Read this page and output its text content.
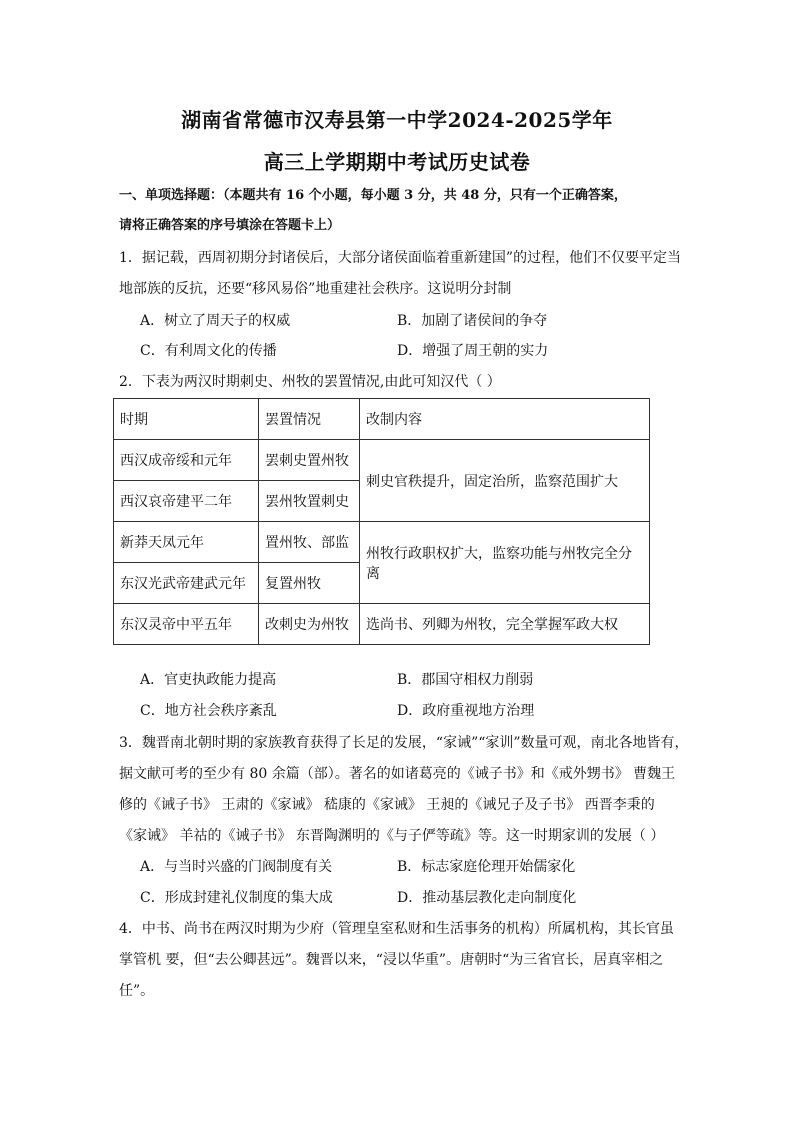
湖南省常德市汉寿县第一中学2024-2025学年
高三上学期期中考试历史试卷
一、单项选择题：（本题共有 16 个小题，每小题 3 分，共 48 分，只有一个正确答案，
请将正确答案的序号填涂在答题卡上）
1．据记载，西周初期分封诸侯后，大部分诸侯面临着重新建国”的过程，他们不仅要平定当
地部族的反抗，还要“移风易俗”地重建社会秩序。这说明分封制
A．树立了周天子的权威	B．加剧了诸侯间的争夺
C．有利周文化的传播	D．增强了周王朝的实力
2．下表为两汉时期刺史、州牧的罢置情况,由此可知汉代（ ）
时期	罢置情况	改制内容
西汉成帝绥和元年	罢刺史置州牧	刺史官秩提升，固定治所，监察范围扩大
西汉哀帝建平二年	罢州牧置刺史	
新莽天凤元年	置州牧、部监	州牧行政职权扩大，监察功能与州牧完全分离
东汉光武帝建武元年	复置州牧	
东汉灵帝中平五年	改刺史为州牧	选尚书、列卿为州牧，完全掌握军政大权
A．官吏执政能力提高	B．郡国守相权力削弱
C．地方社会秩序紊乱	D．政府重视地方治理
3．魏晋南北朝时期的家族教育获得了长足的发展，“家诫”“家训”数量可观，南北各地皆有，
据文献可考的至少有 80 余篇（部）。著名的如诸葛亮的《诫子书》和《戒外甥书》 曹魏王
修的《诫子书》 王肃的《家诫》 嵇康的《家诫》 王昶的《诫兄子及子书》 西晋李秉的
《家诫》 羊祜的《诫子书》 东晋陶渊明的《与子俨等疏》等。这一时期家训的发展（ ）
A．与当时兴盛的门阀制度有关	B．标志家庭伦理开始儒家化
C．形成封建礼仪制度的集大成	D．推动基层教化走向制度化
4．中书、尚书在两汉时期为少府（管理皇室私财和生活事务的机构）所属机构，其长官虽
掌管机 要，但“去公卿甚远”。魏晋以来，“浸以华重”。唐朝时“为三省官长，居真宰相之
任”。
